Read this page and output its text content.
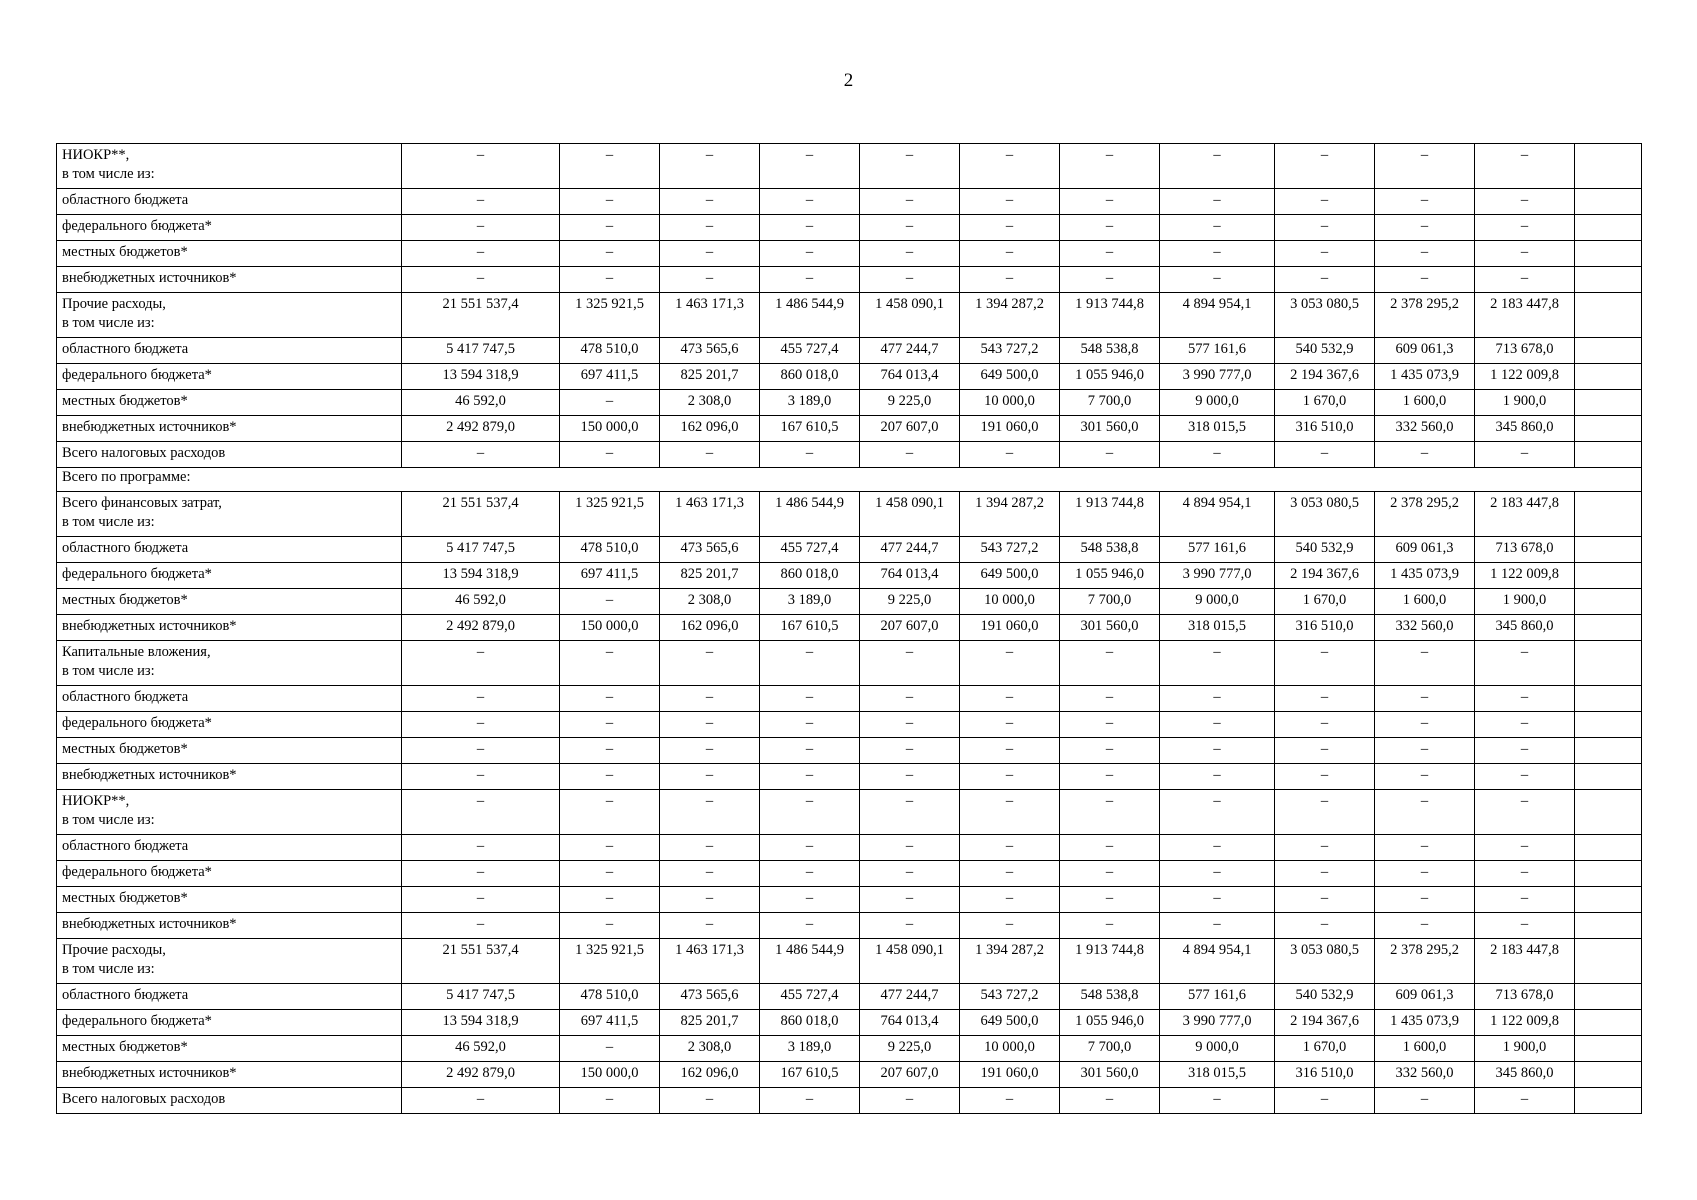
2
НИОКР**,
в том числе из:	–	–	–	–	–	–	–	–	–	–	–	

областного бюджета	–	–	–	–	–	–	–	–	–	–	–	

федерального бюджета*	–	–	–	–	–	–	–	–	–	–	–	

местных бюджетов*	–	–	–	–	–	–	–	–	–	–	–	

внебюджетных источников*	–	–	–	–	–	–	–	–	–	–	–	

Прочие расходы,
в том числе из:	21 551 537,4	1 325 921,5	1 463 171,3	1 486 544,9	1 458 090,1	1 394 287,2	1 913 744,8	4 894 954,1	3 053 080,5	2 378 295,2	2 183 447,8	

областного бюджета	5 417 747,5	478 510,0	473 565,6	455 727,4	477 244,7	543 727,2	548 538,8	577 161,6	540 532,9	609 061,3	713 678,0	

федерального бюджета*	13 594 318,9	697 411,5	825 201,7	860 018,0	764 013,4	649 500,0	1 055 946,0	3 990 777,0	2 194 367,6	1 435 073,9	1 122 009,8	

местных бюджетов*	46 592,0	–	2 308,0	3 189,0	9 225,0	10 000,0	7 700,0	9 000,0	1 670,0	1 600,0	1 900,0	

внебюджетных источников*	2 492 879,0	150 000,0	162 096,0	167 610,5	207 607,0	191 060,0	301 560,0	318 015,5	316 510,0	332 560,0	345 860,0	

Всего налоговых расходов	–	–	–	–	–	–	–	–	–	–	–	
Всего по программе:												

Всего финансовых затрат,
в том числе из:	21 551 537,4	1 325 921,5	1 463 171,3	1 486 544,9	1 458 090,1	1 394 287,2	1 913 744,8	4 894 954,1	3 053 080,5	2 378 295,2	2 183 447,8	

областного бюджета	5 417 747,5	478 510,0	473 565,6	455 727,4	477 244,7	543 727,2	548 538,8	577 161,6	540 532,9	609 061,3	713 678,0	

федерального бюджета*	13 594 318,9	697 411,5	825 201,7	860 018,0	764 013,4	649 500,0	1 055 946,0	3 990 777,0	2 194 367,6	1 435 073,9	1 122 009,8	

местных бюджетов*	46 592,0	–	2 308,0	3 189,0	9 225,0	10 000,0	7 700,0	9 000,0	1 670,0	1 600,0	1 900,0	

внебюджетных источников*	2 492 879,0	150 000,0	162 096,0	167 610,5	207 607,0	191 060,0	301 560,0	318 015,5	316 510,0	332 560,0	345 860,0	

Капитальные вложения,
в том числе из:	–	–	–	–	–	–	–	–	–	–	–	

областного бюджета	–	–	–	–	–	–	–	–	–	–	–	

федерального бюджета*	–	–	–	–	–	–	–	–	–	–	–	

местных бюджетов*	–	–	–	–	–	–	–	–	–	–	–	

внебюджетных источников*	–	–	–	–	–	–	–	–	–	–	–	

НИОКР**,
в том числе из:	–	–	–	–	–	–	–	–	–	–	–	

областного бюджета	–	–	–	–	–	–	–	–	–	–	–	

федерального бюджета*	–	–	–	–	–	–	–	–	–	–	–	

местных бюджетов*	–	–	–	–	–	–	–	–	–	–	–	

внебюджетных источников*	–	–	–	–	–	–	–	–	–	–	–	

Прочие расходы,
в том числе из:	21 551 537,4	1 325 921,5	1 463 171,3	1 486 544,9	1 458 090,1	1 394 287,2	1 913 744,8	4 894 954,1	3 053 080,5	2 378 295,2	2 183 447,8	

областного бюджета	5 417 747,5	478 510,0	473 565,6	455 727,4	477 244,7	543 727,2	548 538,8	577 161,6	540 532,9	609 061,3	713 678,0	

федерального бюджета*	13 594 318,9	697 411,5	825 201,7	860 018,0	764 013,4	649 500,0	1 055 946,0	3 990 777,0	2 194 367,6	1 435 073,9	1 122 009,8	

местных бюджетов*	46 592,0	–	2 308,0	3 189,0	9 225,0	10 000,0	7 700,0	9 000,0	1 670,0	1 600,0	1 900,0	

внебюджетных источников*	2 492 879,0	150 000,0	162 096,0	167 610,5	207 607,0	191 060,0	301 560,0	318 015,5	316 510,0	332 560,0	345 860,0	

Всего налоговых расходов	–	–	–	–	–	–	–	–	–	–	–	
